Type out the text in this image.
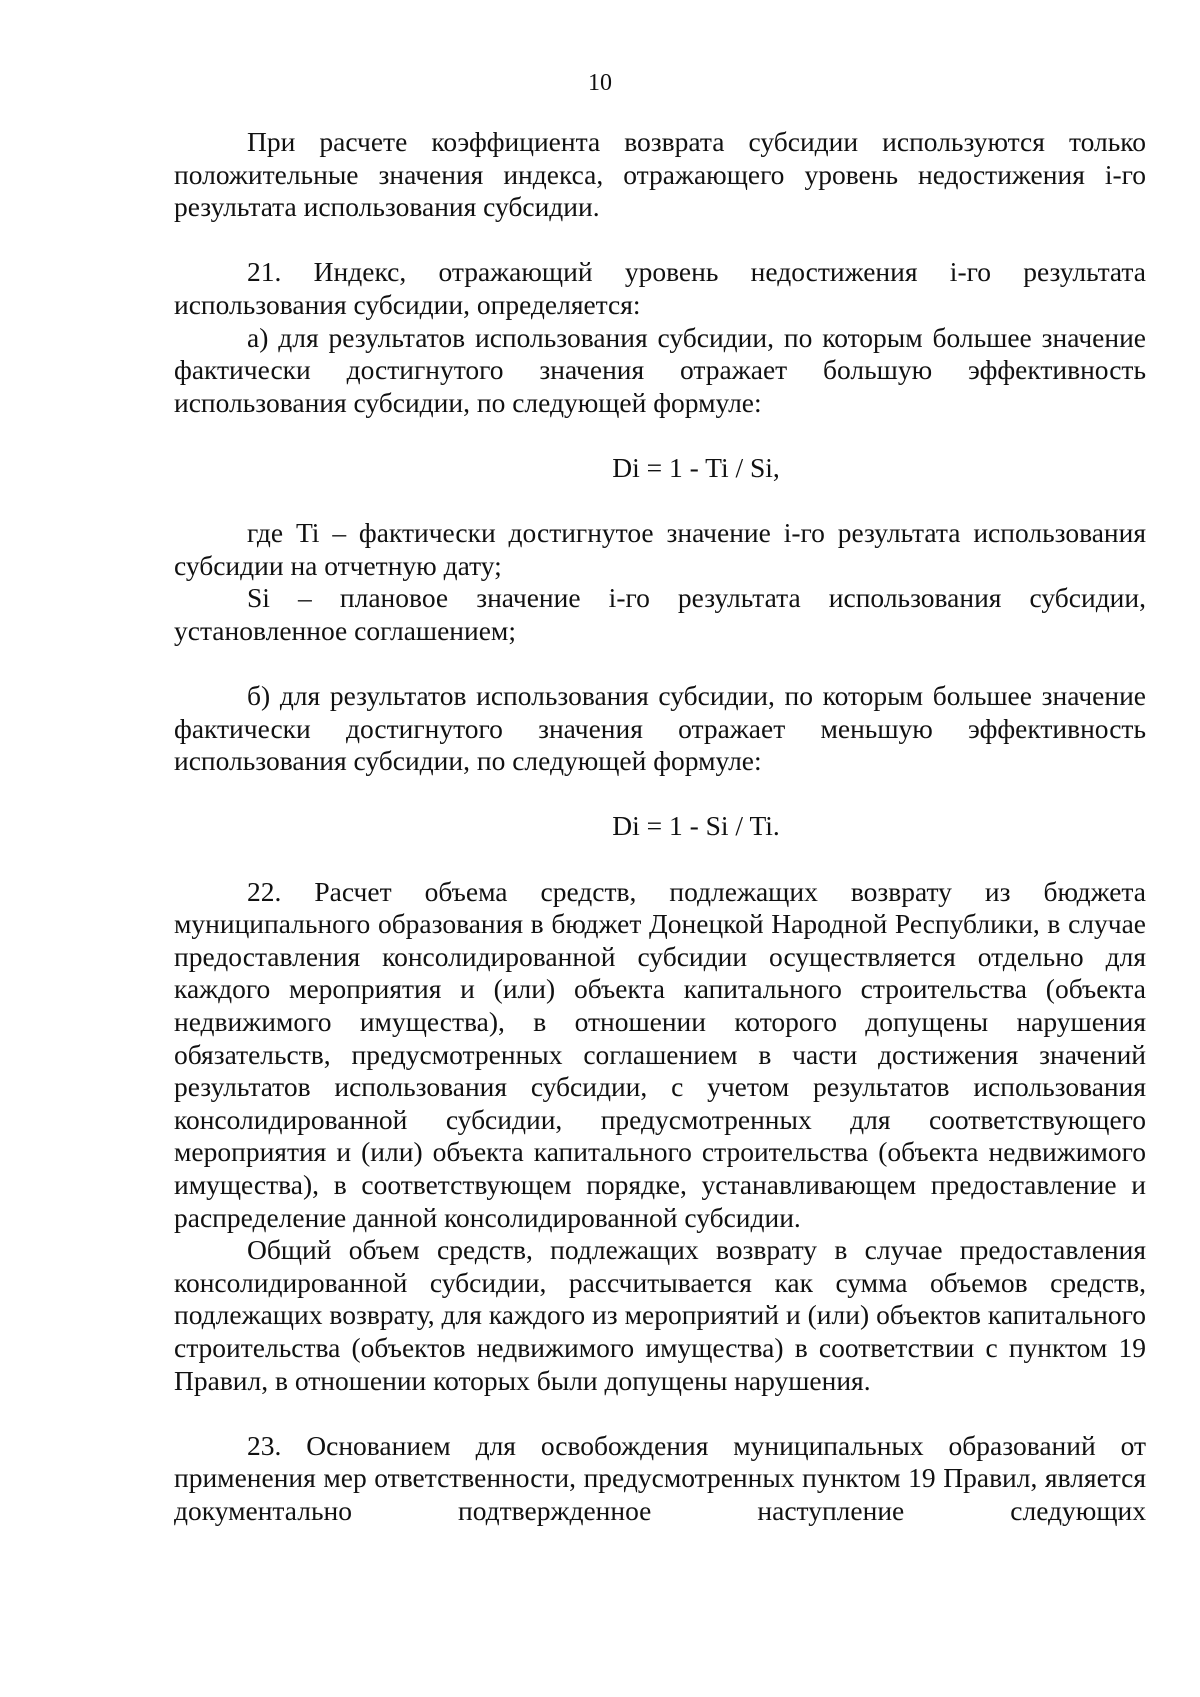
10

При расчете коэффициента возврата субсидии используются только положительные значения индекса, отражающего уровень недостижения i-го результата использования субсидии.

21. Индекс, отражающий уровень недостижения i-го результата использования субсидии, определяется:

а) для результатов использования субсидии, по которым большее значение фактически достигнутого значения отражает большую эффективность использования субсидии, по следующей формуле:

Di = 1 - Ti / Si,

где Ti – фактически достигнутое значение i-го результата использования субсидии на отчетную дату;

Si – плановое значение i-го результата использования субсидии, установленное соглашением;

б) для результатов использования субсидии, по которым большее значение фактически достигнутого значения отражает меньшую эффективность использования субсидии, по следующей формуле:

Di = 1 - Si / Ti.

22. Расчет объема средств, подлежащих возврату из бюджета муниципального образования в бюджет Донецкой Народной Республики, в случае предоставления консолидированной субсидии осуществляется отдельно для каждого мероприятия и (или) объекта капитального строительства (объекта недвижимого имущества), в отношении которого допущены нарушения обязательств, предусмотренных соглашением в части достижения значений результатов использования субсидии, с учетом результатов использования консолидированной субсидии, предусмотренных для соответствующего мероприятия и (или) объекта капитального строительства (объекта недвижимого имущества), в соответствующем порядке, устанавливающем предоставление и распределение данной консолидированной субсидии.

Общий объем средств, подлежащих возврату в случае предоставления консолидированной субсидии, рассчитывается как сумма объемов средств, подлежащих возврату, для каждого из мероприятий и (или) объектов капитального строительства (объектов недвижимого имущества) в соответствии с пунктом 19 Правил, в отношении которых были допущены нарушения.

23. Основанием для освобождения муниципальных образований от применения мер ответственности, предусмотренных пунктом 19 Правил, является документально подтвержденное наступление следующих
